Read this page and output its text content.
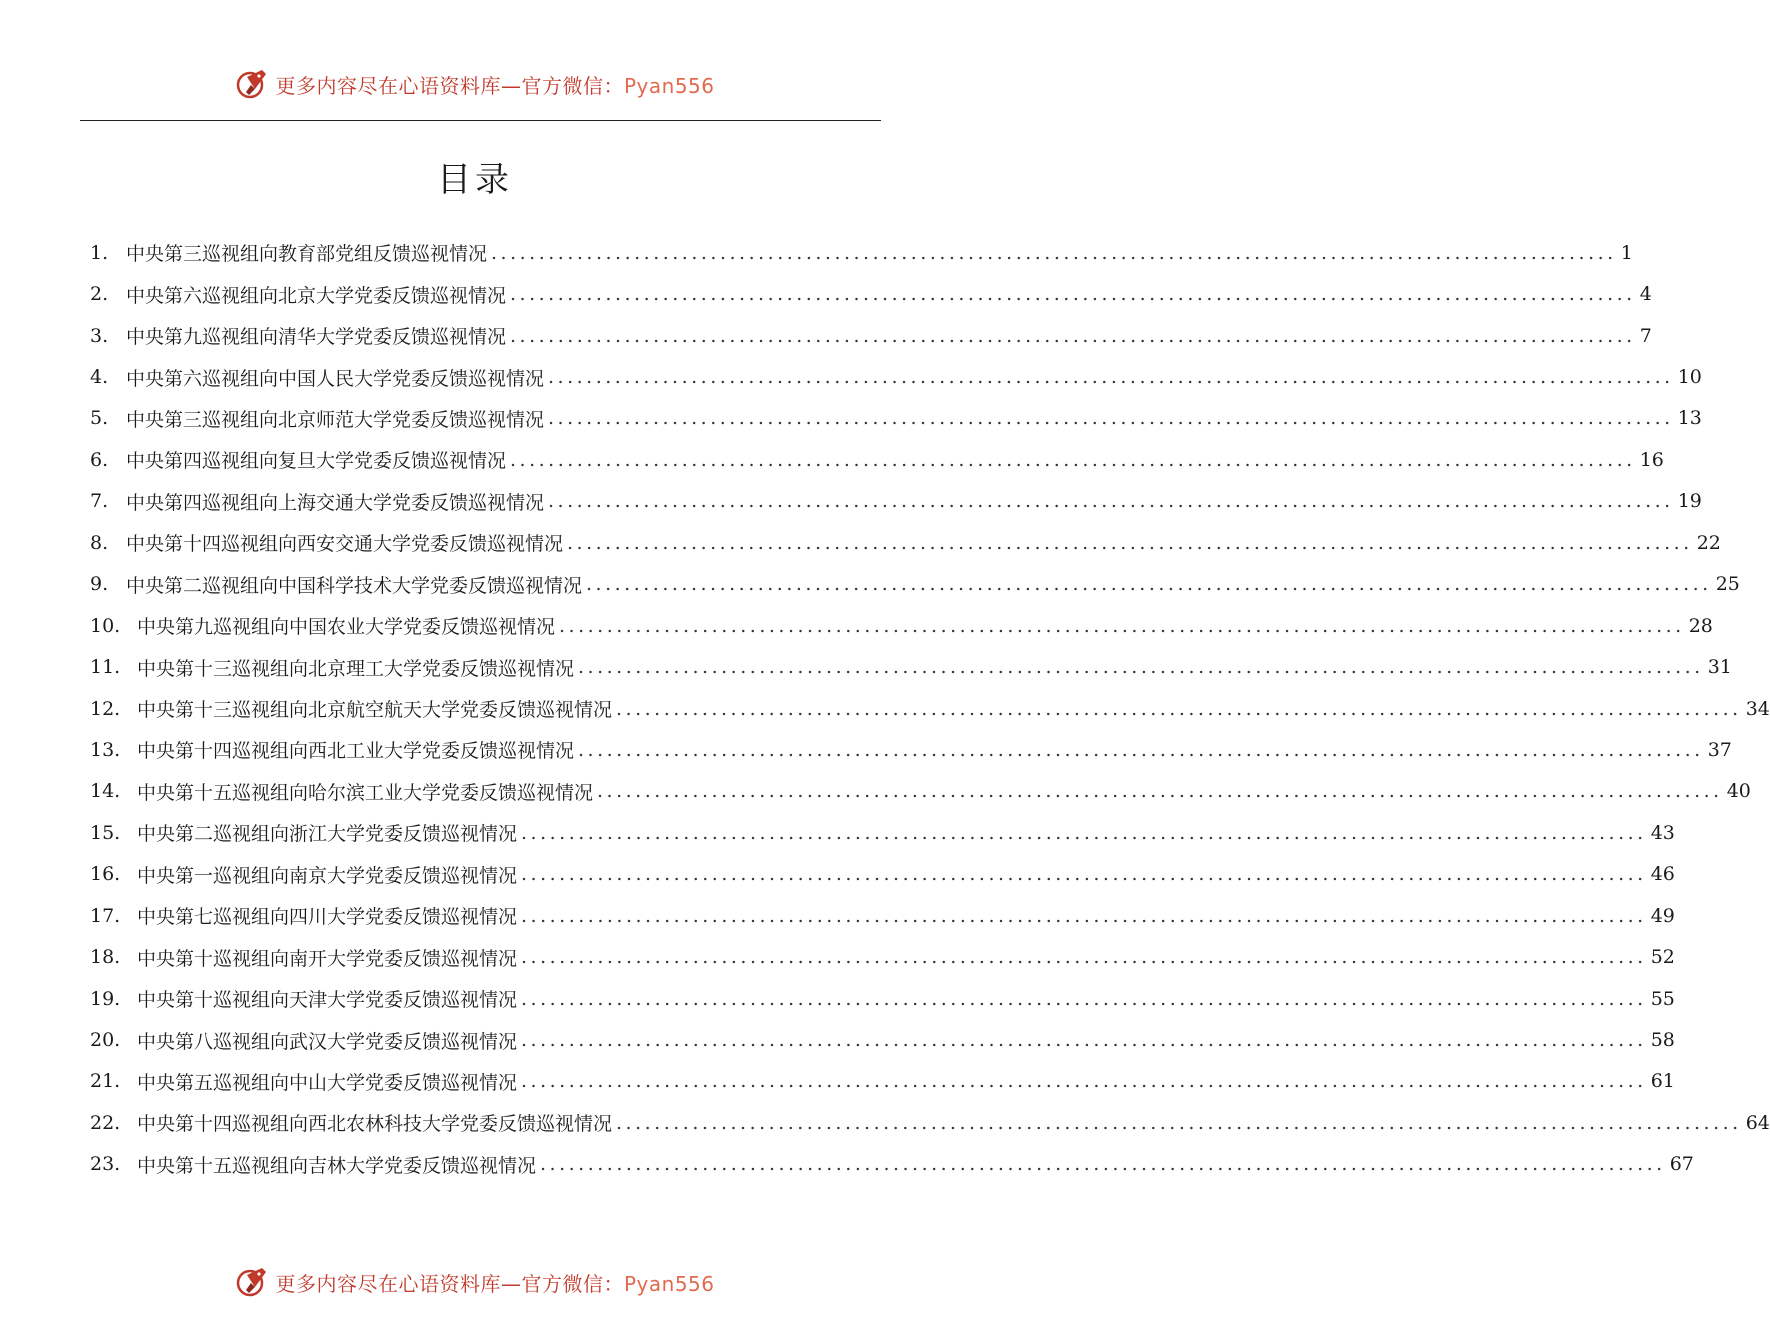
更多内容尽在心语资料库—官方微信：Pyan556
目录
1. 中央第三巡视组向教育部党组反馈巡视情况 ...................................................................................................................... 1
2. 中央第六巡视组向北京大学党委反馈巡视情况 ...................................................................................................................... 4
3. 中央第九巡视组向清华大学党委反馈巡视情况 ...................................................................................................................... 7
4. 中央第六巡视组向中国人民大学党委反馈巡视情况 ...................................................................................................................... 10
5. 中央第三巡视组向北京师范大学党委反馈巡视情况 ...................................................................................................................... 13
6. 中央第四巡视组向复旦大学党委反馈巡视情况 ...................................................................................................................... 16
7. 中央第四巡视组向上海交通大学党委反馈巡视情况 ...................................................................................................................... 19
8. 中央第十四巡视组向西安交通大学党委反馈巡视情况 ...................................................................................................................... 22
9. 中央第二巡视组向中国科学技术大学党委反馈巡视情况 ...................................................................................................................... 25
10. 中央第九巡视组向中国农业大学党委反馈巡视情况 ...................................................................................................................... 28
11. 中央第十三巡视组向北京理工大学党委反馈巡视情况 ...................................................................................................................... 31
12. 中央第十三巡视组向北京航空航天大学党委反馈巡视情况 ...................................................................................................................... 34
13. 中央第十四巡视组向西北工业大学党委反馈巡视情况 ...................................................................................................................... 37
14. 中央第十五巡视组向哈尔滨工业大学党委反馈巡视情况 ...................................................................................................................... 40
15. 中央第二巡视组向浙江大学党委反馈巡视情况 ...................................................................................................................... 43
16. 中央第一巡视组向南京大学党委反馈巡视情况 ...................................................................................................................... 46
17. 中央第七巡视组向四川大学党委反馈巡视情况 ...................................................................................................................... 49
18. 中央第十巡视组向南开大学党委反馈巡视情况 ...................................................................................................................... 52
19. 中央第十巡视组向天津大学党委反馈巡视情况 ...................................................................................................................... 55
20. 中央第八巡视组向武汉大学党委反馈巡视情况 ...................................................................................................................... 58
21. 中央第五巡视组向中山大学党委反馈巡视情况 ...................................................................................................................... 61
22. 中央第十四巡视组向西北农林科技大学党委反馈巡视情况 ...................................................................................................................... 64
23. 中央第十五巡视组向吉林大学党委反馈巡视情况 ...................................................................................................................... 67
更多内容尽在心语资料库—官方微信：Pyan556
